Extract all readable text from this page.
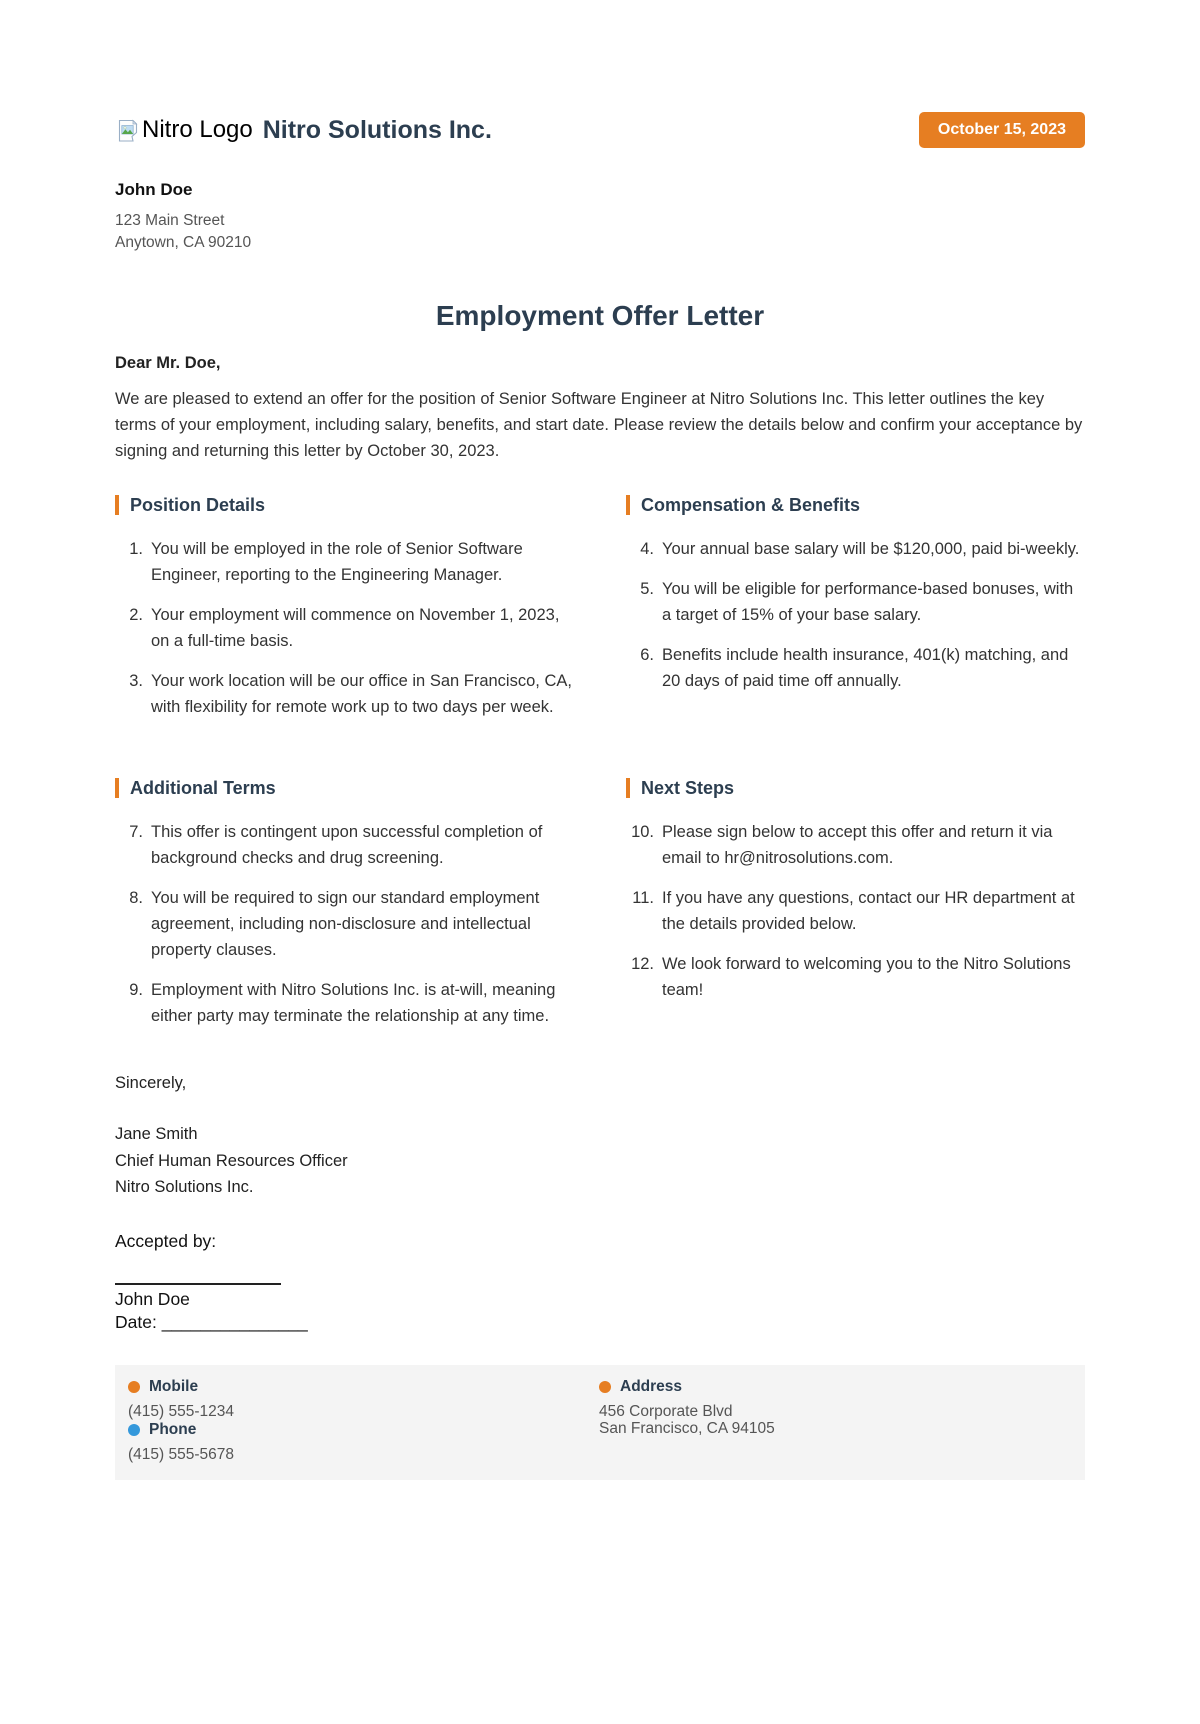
Nitro Logo Nitro Solutions Inc.	October 15, 2023
John Doe
123 Main Street
Anytown, CA 90210
Employment Offer Letter

Dear Mr. Doe,

We are pleased to extend an offer for the position of Senior Software Engineer at Nitro Solutions Inc. This letter outlines the key terms of your employment, including salary, benefits, and start date. Please review the details below and confirm your acceptance by signing and returning this letter by October 30, 2023.

Position Details
1. You will be employed in the role of Senior Software Engineer, reporting to the Engineering Manager.
2. Your employment will commence on November 1, 2023, on a full-time basis.
3. Your work location will be our office in San Francisco, CA, with flexibility for remote work up to two days per week.
Compensation & Benefits
4. Your annual base salary will be $120,000, paid bi-weekly.
5. You will be eligible for performance-based bonuses, with a target of 15% of your base salary.
6. Benefits include health insurance, 401(k) matching, and 20 days of paid time off annually.
Additional Terms
7. This offer is contingent upon successful completion of background checks and drug screening.
8. You will be required to sign our standard employment agreement, including non-disclosure and intellectual property clauses.
9. Employment with Nitro Solutions Inc. is at-will, meaning either party may terminate the relationship at any time.
Next Steps
10. Please sign below to accept this offer and return it via email to hr@nitrosolutions.com.
11. If you have any questions, contact our HR department at the details provided below.
12. We look forward to welcoming you to the Nitro Solutions team!
Sincerely,
Jane Smith
Chief Human Resources Officer
Nitro Solutions Inc.
Accepted by:
John Doe
Date: _______________
Mobile
(415) 555-1234
Phone
(415) 555-5678
Address
456 Corporate Blvd
San Francisco, CA 94105
